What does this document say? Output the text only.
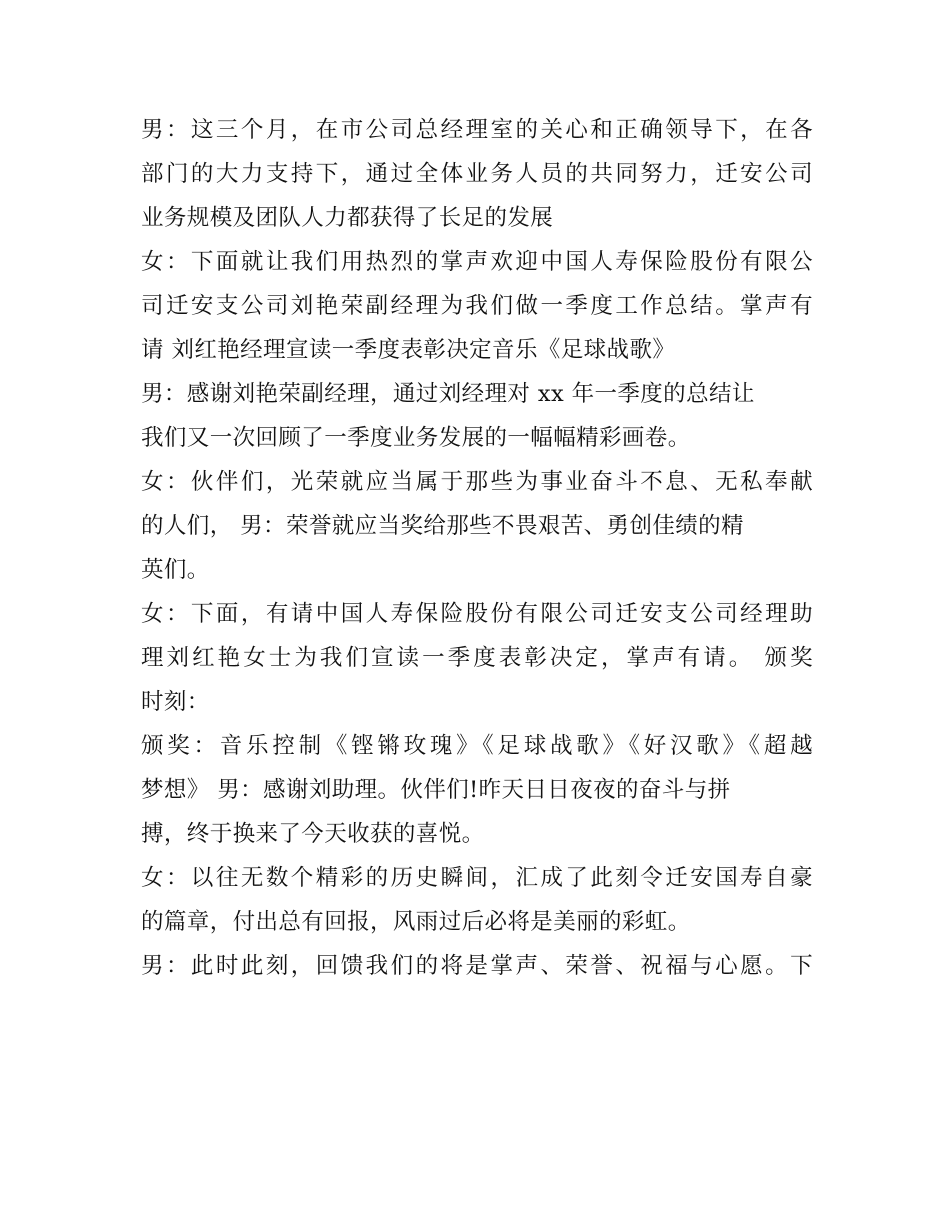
男：这三个月，在市公司总经理室的关心和正确领导下，在各
部门的大力支持下，通过全体业务人员的共同努力，迁安公司
业务规模及团队人力都获得了长足的发展
女：下面就让我们用热烈的掌声欢迎中国人寿保险股份有限公
司迁安支公司刘艳荣副经理为我们做一季度工作总结。掌声有
请 刘红艳经理宣读一季度表彰决定音乐《足球战歌》
男：感谢刘艳荣副经理，通过刘经理对 xx 年一季度的总结让
我们又一次回顾了一季度业务发展的一幅幅精彩画卷。
女：伙伴们，光荣就应当属于那些为事业奋斗不息、无私奉献
的人们， 男：荣誉就应当奖给那些不畏艰苦、勇创佳绩的精
英们。
女：下面，有请中国人寿保险股份有限公司迁安支公司经理助
理刘红艳女士为我们宣读一季度表彰决定，掌声有请。 颁奖
时刻：
颁奖：音乐控制《铿锵玫瑰》《足球战歌》《好汉歌》《超越
梦想》 男：感谢刘助理。伙伴们!昨天日日夜夜的奋斗与拼
搏，终于换来了今天收获的喜悦。
女：以往无数个精彩的历史瞬间，汇成了此刻令迁安国寿自豪
的篇章，付出总有回报，风雨过后必将是美丽的彩虹。
男：此时此刻，回馈我们的将是掌声、荣誉、祝福与心愿。下
